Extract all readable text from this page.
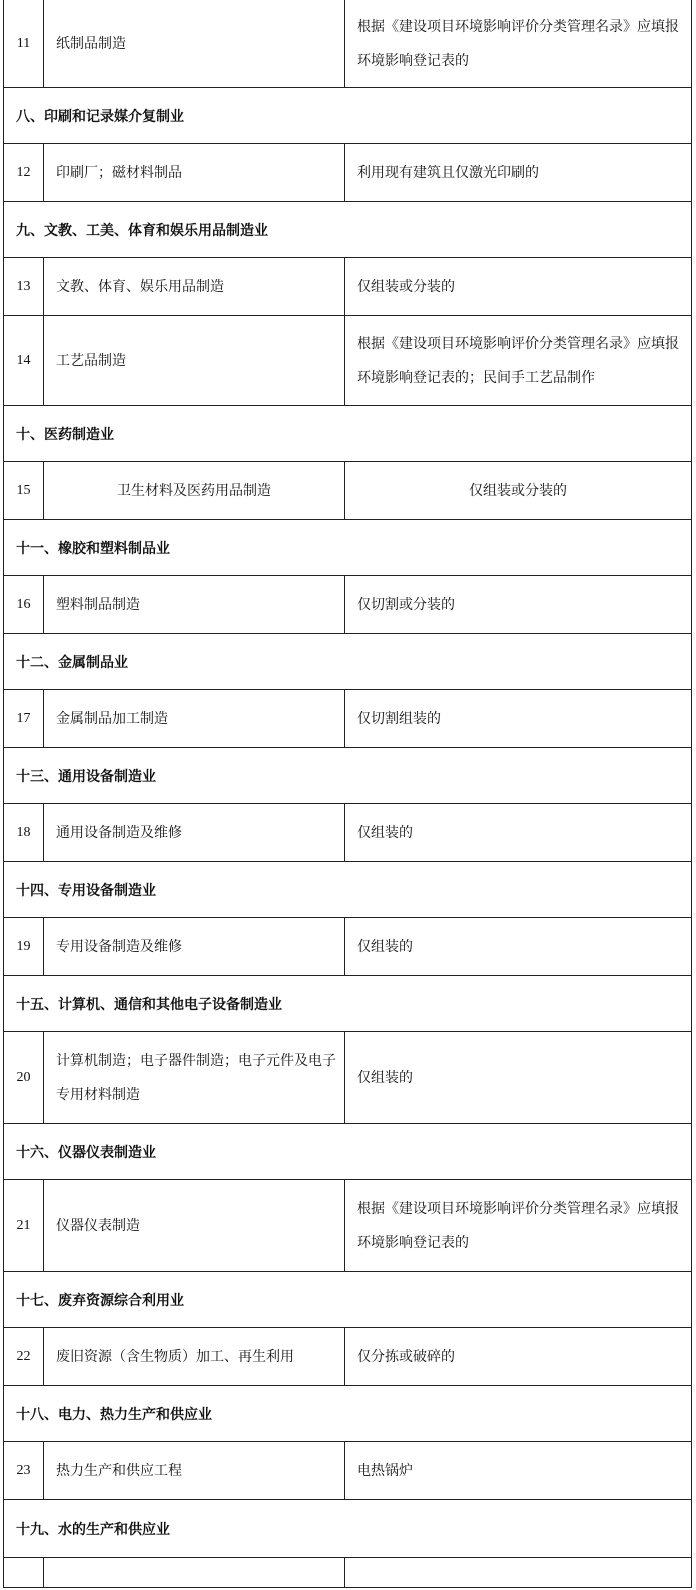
11	纸制品制造	根据《建设项目环境影响评价分类管理名录》应填报环境影响登记表的
八、印刷和记录媒介复制业		
12	印刷厂；磁材料制品	利用现有建筑且仅激光印刷的
九、文教、工美、体育和娱乐用品制造业		
13	文教、体育、娱乐用品制造	仅组装或分装的
14	工艺品制造	根据《建设项目环境影响评价分类管理名录》应填报环境影响登记表的；民间手工艺品制作
十、医药制造业		
15	卫生材料及医药用品制造	仅组装或分装的
十一、橡胶和塑料制品业		
16	塑料制品制造	仅切割或分装的
十二、金属制品业		
17	金属制品加工制造	仅切割组装的
十三、通用设备制造业		
18	通用设备制造及维修	仅组装的
十四、专用设备制造业		
19	专用设备制造及维修	仅组装的
十五、计算机、通信和其他电子设备制造业		
20	计算机制造；电子器件制造；电子元件及电子专用材料制造	仅组装的
十六、仪器仪表制造业		
21	仪器仪表制造	根据《建设项目环境影响评价分类管理名录》应填报环境影响登记表的
十七、废弃资源综合利用业		
22	废旧资源（含生物质）加工、再生利用	仅分拣或破碎的
十八、电力、热力生产和供应业		
23	热力生产和供应工程	电热锅炉
十九、水的生产和供应业		
